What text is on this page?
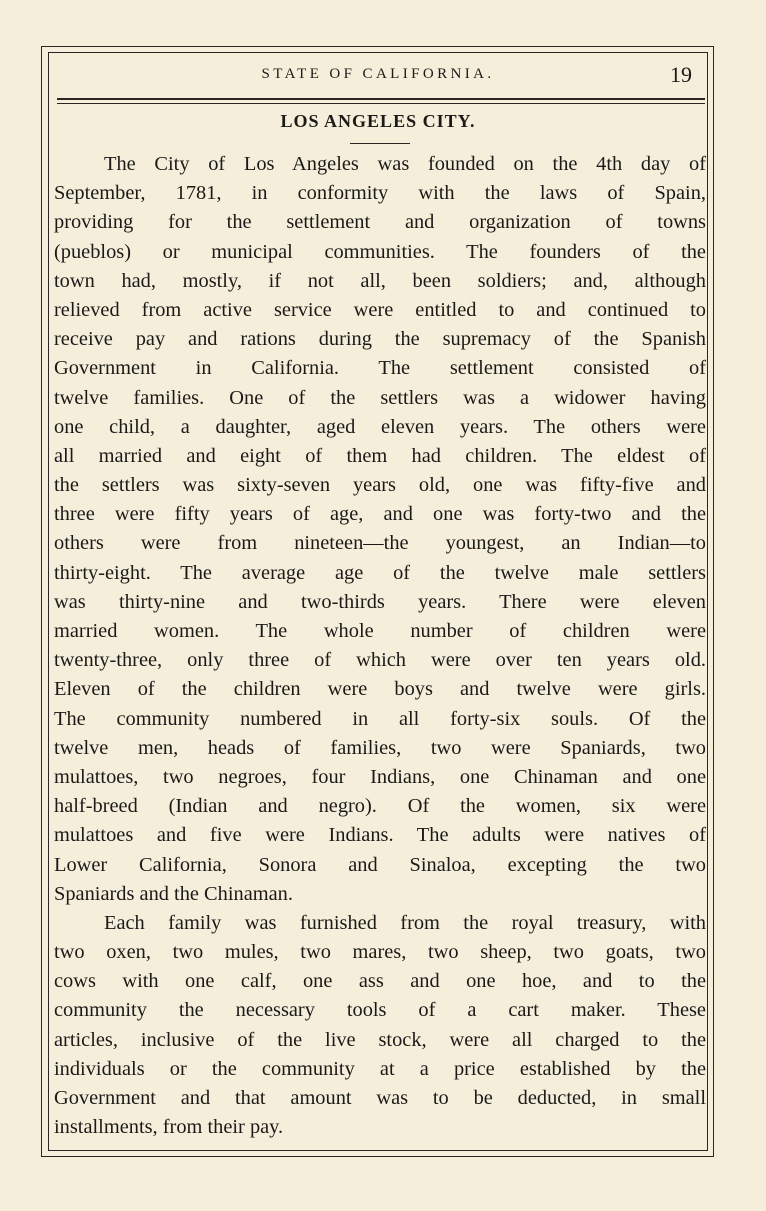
STATE OF CALIFORNIA.	19
LOS ANGELES CITY.
The City of Los Angeles was founded on the 4th day of
September, 1781, in conformity with the laws of Spain,
providing for the settlement and organization of towns
(pueblos) or municipal communities. The founders of the
town had, mostly, if not all, been soldiers; and, although
relieved from active service were entitled to and continued to
receive pay and rations during the supremacy of the Spanish
Government in California. The settlement consisted of
twelve families. One of the settlers was a widower having
one child, a daughter, aged eleven years. The others were
all married and eight of them had children. The eldest of
the settlers was sixty-seven years old, one was fifty-five and
three were fifty years of age, and one was forty-two and the
others were from nineteen—the youngest, an Indian—to
thirty-eight. The average age of the twelve male settlers
was thirty-nine and two-thirds years. There were eleven
married women. The whole number of children were
twenty-three, only three of which were over ten years old.
Eleven of the children were boys and twelve were girls.
The community numbered in all forty-six souls. Of the
twelve men, heads of families, two were Spaniards, two
mulattoes, two negroes, four Indians, one Chinaman and one
half-breed (Indian and negro). Of the women, six were
mulattoes and five were Indians. The adults were natives of
Lower California, Sonora and Sinaloa, excepting the two
Spaniards and the Chinaman.
Each family was furnished from the royal treasury, with
two oxen, two mules, two mares, two sheep, two goats, two
cows with one calf, one ass and one hoe, and to the
community the necessary tools of a cart maker. These
articles, inclusive of the live stock, were all charged to the
individuals or the community at a price established by the
Government and that amount was to be deducted, in small
installments, from their pay.
